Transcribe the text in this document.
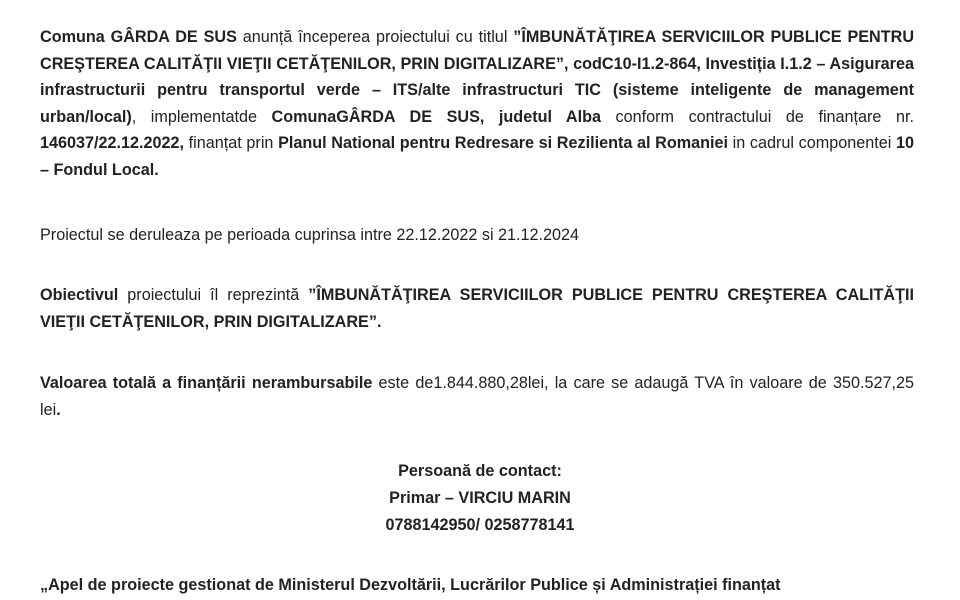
Comuna GÂRDA DE SUS anunță începerea proiectului cu titlul ”ÎMBUNĂTĂŢIREA SERVICIILOR PUBLICE PENTRU CREŞTEREA CALITĂŢII VIEŢII CETĂŢENILOR, PRIN DIGITALIZARE”, codC10-I1.2-864, Investiția I.1.2 – Asigurarea infrastructurii pentru transportul verde – ITS/alte infrastructuri TIC (sisteme inteligente de management urban/local), implementatde ComunaGÂRDA DE SUS, judetul Alba conform contractului de finanțare nr. 146037/22.12.2022, finanțat prin Planul National pentru Redresare si Rezilienta al Romaniei in cadrul componentei 10 – Fondul Local.

Proiectul se deruleaza pe perioada cuprinsa intre 22.12.2022 si 21.12.2024

Obiectivul proiectului îl reprezintă ”ÎMBUNĂTĂŢIREA SERVICIILOR PUBLICE PENTRU CREŞTEREA CALITĂŢII VIEŢII CETĂŢENILOR, PRIN DIGITALIZARE”.

Valoarea totală a finanțării nerambursabile este de1.844.880,28lei, la care se adaugă TVA în valoare de 350.527,25 lei.

Persoană de contact:
Primar – VIRCIU MARIN
0788142950/ 0258778141

„Apel de proiecte gestionat de Ministerul Dezvoltării, Lucrărilor Publice și Administrației finanțat
